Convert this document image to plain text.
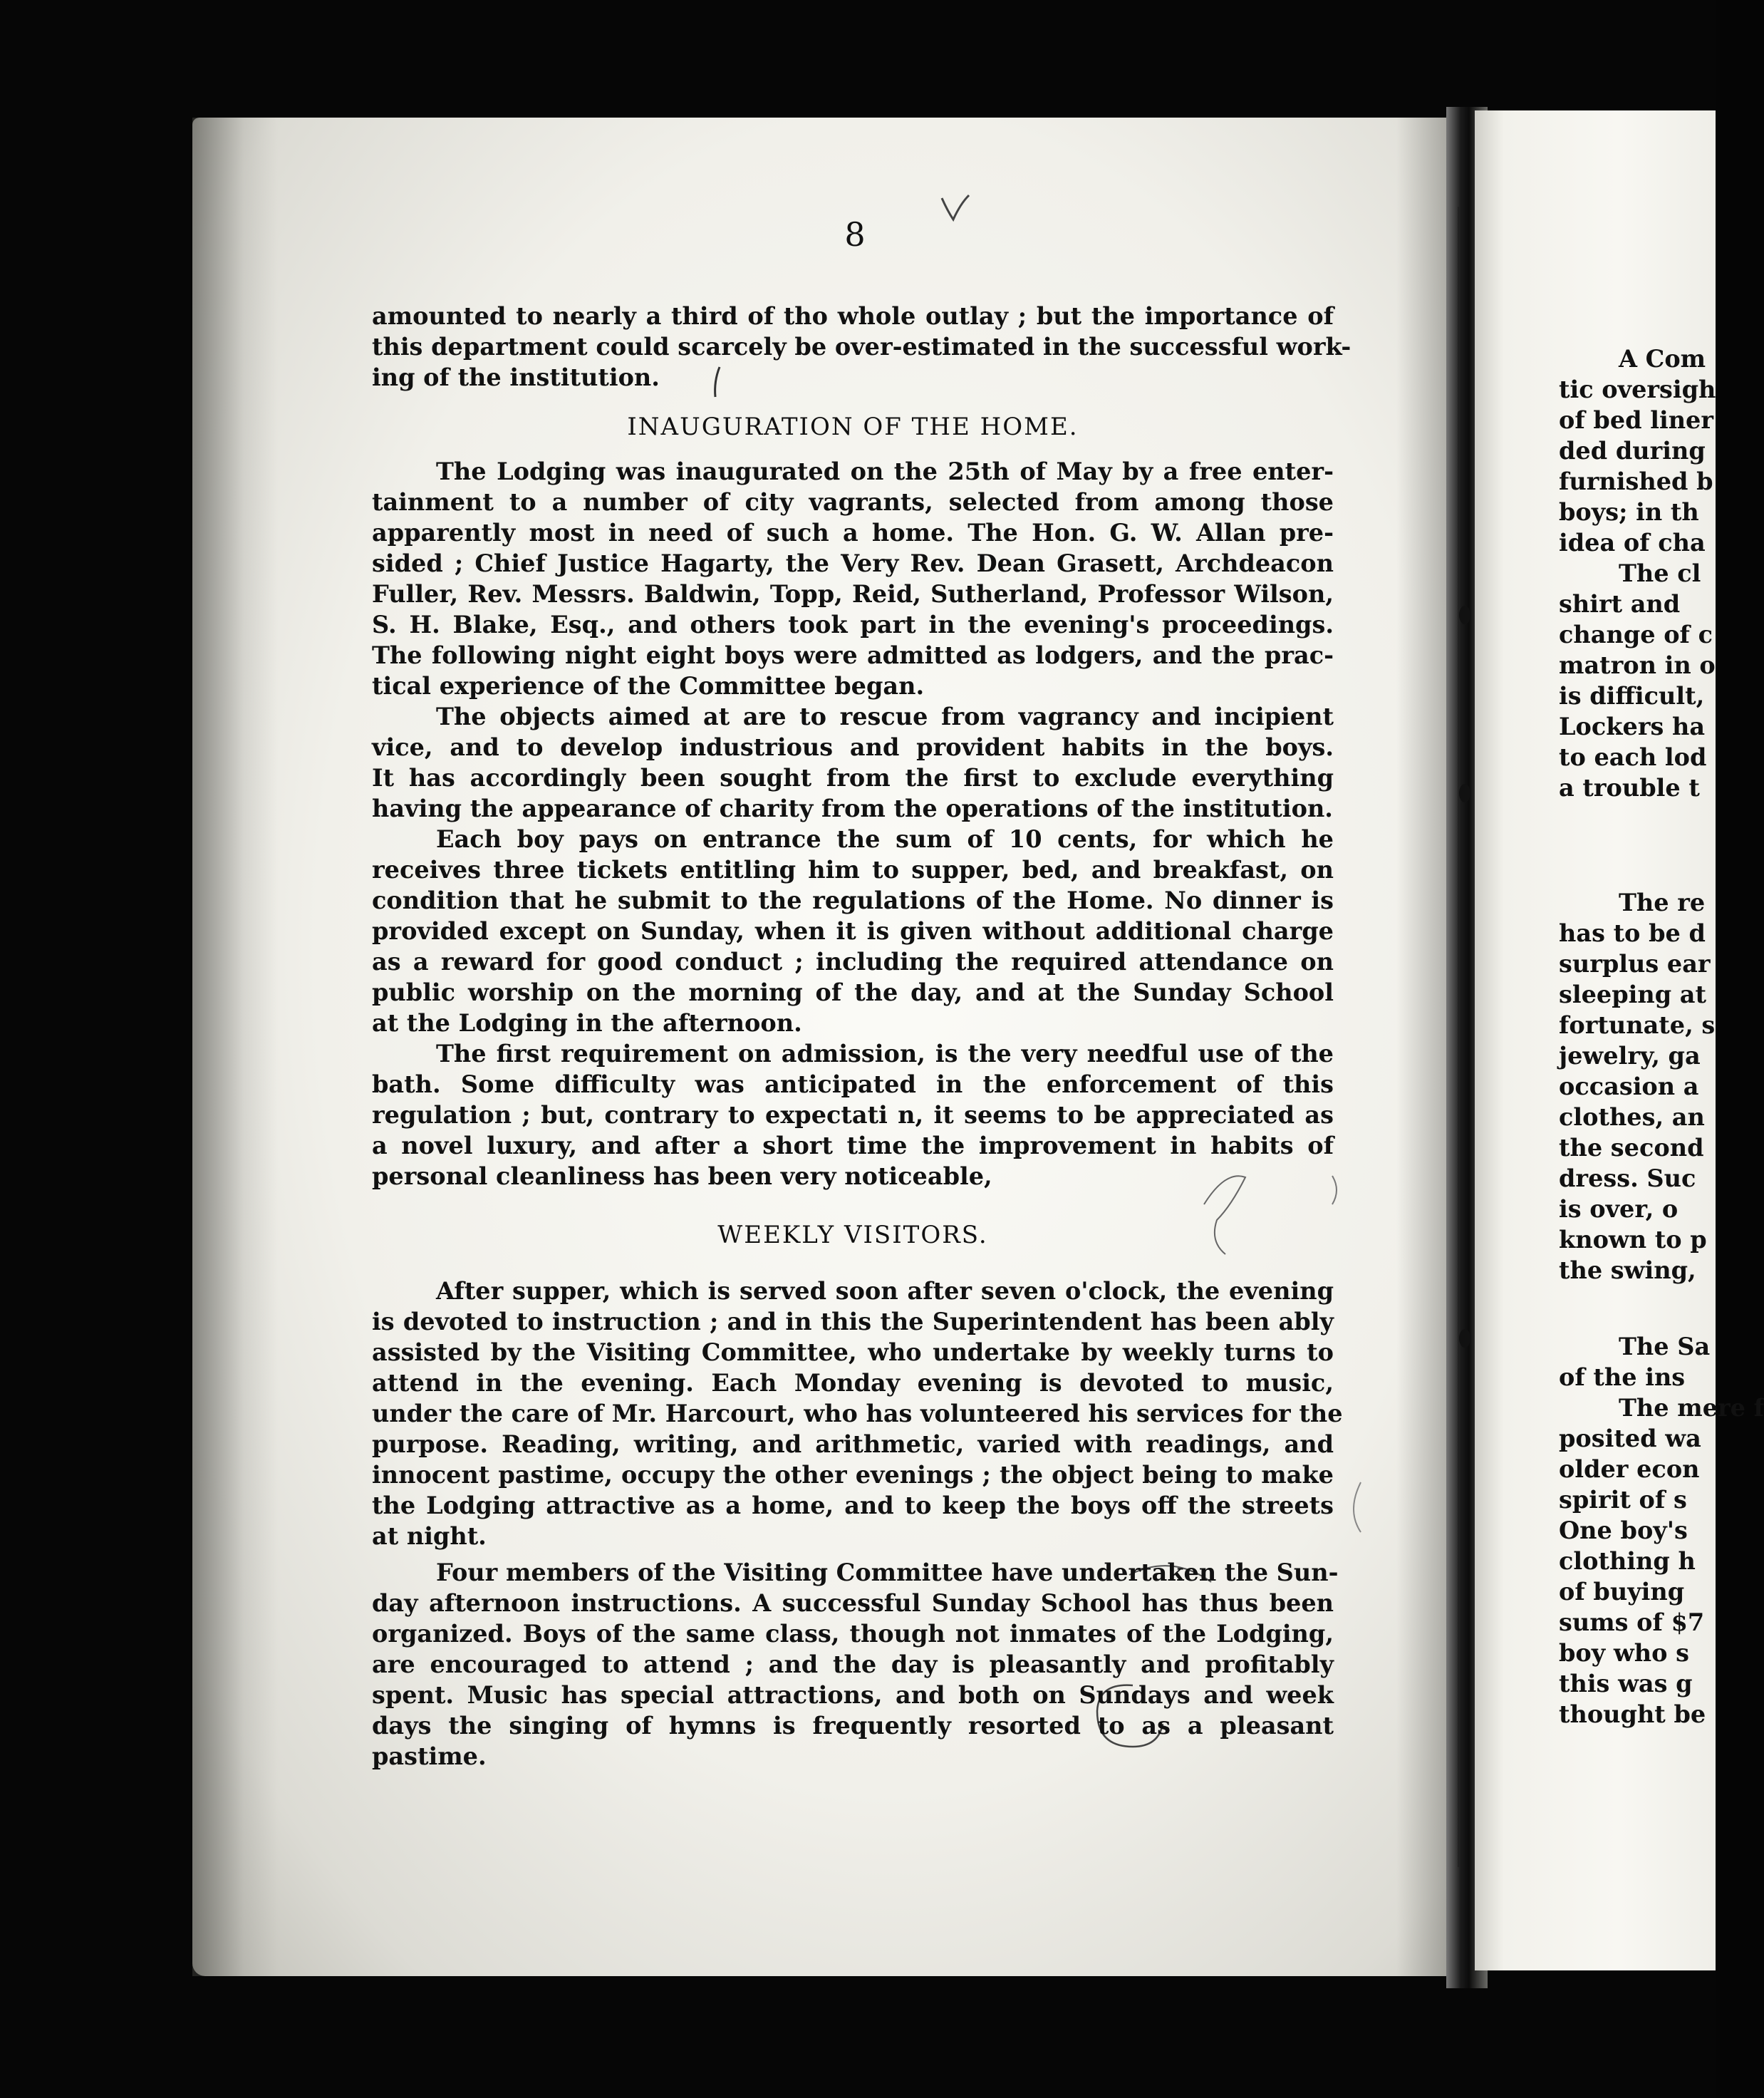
8
amounted to nearly a third of tho whole outlay ; but the importance of
this department could scarcely be over-estimated in the successful work-
ing of the institution.
INAUGURATION OF THE HOME.
The Lodging was inaugurated on the 25th of May by a free enter-
tainment to a number of city vagrants, selected from among those
apparently most in need of such a home. The Hon. G. W. Allan pre-
sided ; Chief Justice Hagarty, the Very Rev. Dean Grasett, Archdeacon
Fuller, Rev. Messrs. Baldwin, Topp, Reid, Sutherland, Professor Wilson,
S. H. Blake, Esq., and others took part in the evening's proceedings.
The following night eight boys were admitted as lodgers, and the prac-
tical experience of the Committee began.
The objects aimed at are to rescue from vagrancy and incipient
vice, and to develop industrious and provident habits in the boys.
It has accordingly been sought from the first to exclude everything
having the appearance of charity from the operations of the institution.
Each boy pays on entrance the sum of 10 cents, for which he
receives three tickets entitling him to supper, bed, and breakfast, on
condition that he submit to the regulations of the Home. No dinner is
provided except on Sunday, when it is given without additional charge
as a reward for good conduct ; including the required attendance on
public worship on the morning of the day, and at the Sunday School
at the Lodging in the afternoon.
The first requirement on admission, is the very needful use of the
bath. Some difficulty was anticipated in the enforcement of this
regulation ; but, contrary to expectati n, it seems to be appreciated as
a novel luxury, and after a short time the improvement in habits of
personal cleanliness has been very noticeable,
WEEKLY VISITORS.
After supper, which is served soon after seven o'clock, the evening
is devoted to instruction ; and in this the Superintendent has been ably
assisted by the Visiting Committee, who undertake by weekly turns to
attend in the evening. Each Monday evening is devoted to music,
under the care of Mr. Harcourt, who has volunteered his services for the
purpose. Reading, writing, and arithmetic, varied with readings, and
innocent pastime, occupy the other evenings ; the object being to make
the Lodging attractive as a home, and to keep the boys off the streets
at night.
Four members of the Visiting Committee have undertaken the Sun-
day afternoon instructions. A successful Sunday School has thus been
organized. Boys of the same class, though not inmates of the Lodging,
are encouraged to attend ; and the day is pleasantly and profitably
spent. Music has special attractions, and both on Sundays and week
days the singing of hymns is frequently resorted to as a pleasant
pastime.
A Com
tic oversigh
of bed liner
ded during
furnished b
boys; in th
idea of cha
The cl
shirt and
change of c
matron in o
is difficult,
Lockers ha
to each lod
a trouble t
The re
has to be d
surplus ear
sleeping at
fortunate, s
jewelry, ga
occasion a
clothes, an
the second
dress. Suc
is over, o
known to p
the swing,
The Sa
of the ins
The mere f
posited wa
older econ
spirit of s
One boy's
clothing h
of buying
sums of $7
boy who s
this was g
thought be
